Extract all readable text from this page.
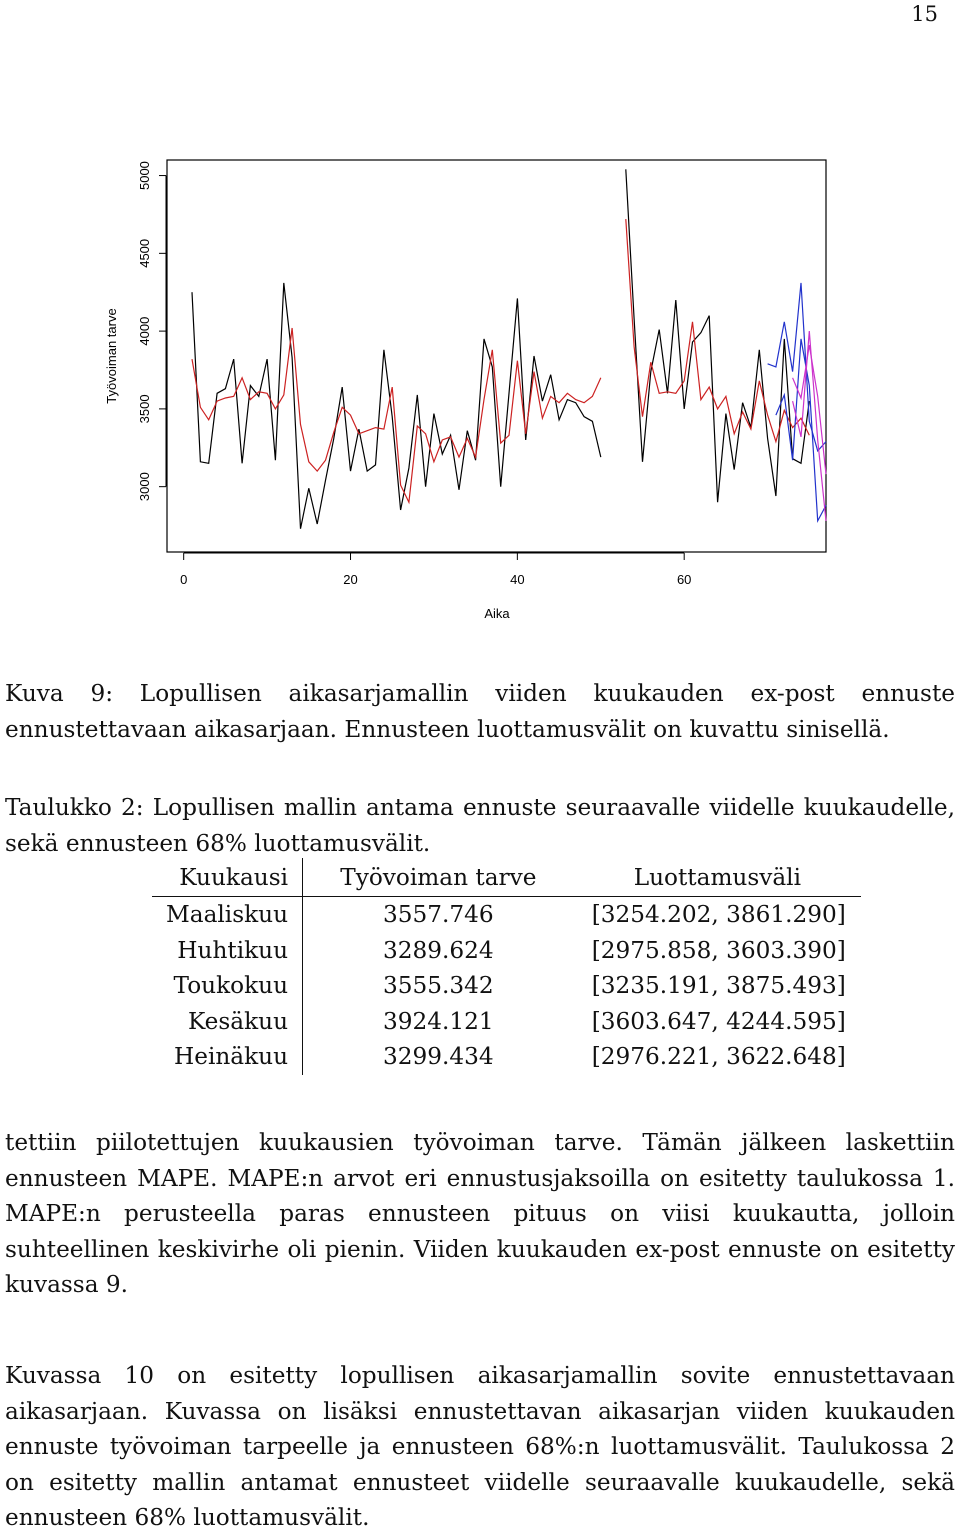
15
0	20	40	60
3000
3500
4000
4500
5000
Aika
Työvoiman tarve

Kuva 9: Lopullisen aikasarjamallin viiden kuukauden ex-post ennuste ennustettavaan aikasarjaan. Ennusteen luottamusvälit on kuvattu sinisellä.

Taulukko 2: Lopullisen mallin antama ennuste seuraavalle viidelle kuukaudelle, sekä ennusteen 68% luottamusvälit.

Kuukausi	Työvoiman tarve	Luottamusväli
Maaliskuu	3557.746	[3254.202, 3861.290]
Huhtikuu	3289.624	[2975.858, 3603.390]
Toukokuu	3555.342	[3235.191, 3875.493]
Kesäkuu	3924.121	[3603.647, 4244.595]
Heinäkuu	3299.434	[2976.221, 3622.648]

tettiin piilotettujen kuukausien työvoiman tarve. Tämän jälkeen laskettiin ennusteen MAPE. MAPE:n arvot eri ennustusjaksoilla on esitetty taulukossa 1. MAPE:n perusteella paras ennusteen pituus on viisi kuukautta, jolloin suhteellinen keskivirhe oli pienin. Viiden kuukauden ex-post ennuste on esitetty kuvassa 9.

Kuvassa 10 on esitetty lopullisen aikasarjamallin sovite ennustettavaan aikasarjaan. Kuvassa on lisäksi ennustettavan aikasarjan viiden kuukauden ennuste työvoiman tarpeelle ja ennusteen 68%:n luottamusvälit. Taulukossa 2 on esitetty mallin antamat ennusteet viidelle seuraavalle kuukaudelle, sekä ennusteen 68% luottamusvälit.
